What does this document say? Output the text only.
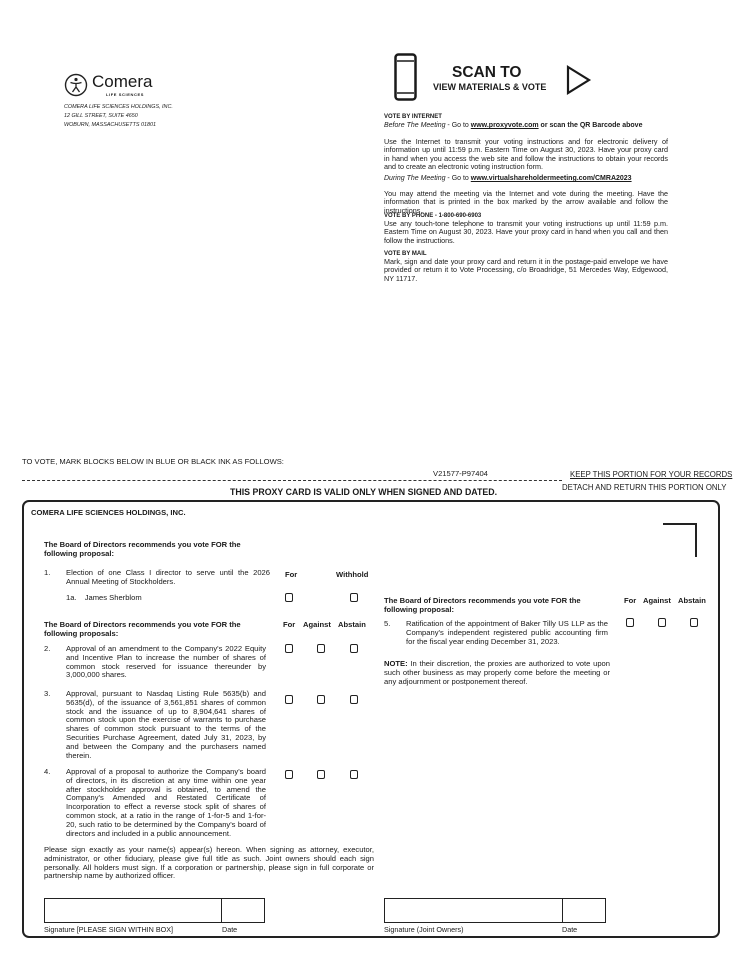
Comera
LIFE SCIENCES
COMERA LIFE SCIENCES HOLDINGS, INC.
12 GILL STREET, SUITE 4650
WOBURN, MASSACHUSETTS 01801
SCAN TO
VIEW MATERIALS & VOTE
VOTE BY INTERNET
Before The Meeting - Go to www.proxyvote.com or scan the QR Barcode above
Use the Internet to transmit your voting instructions and for electronic delivery of information up until 11:59 p.m. Eastern Time on August 30, 2023. Have your proxy card in hand when you access the web site and follow the instructions to obtain your records and to create an electronic voting instruction form.
During The Meeting - Go to www.virtualshareholdermeeting.com/CMRA2023
You may attend the meeting via the Internet and vote during the meeting. Have the information that is printed in the box marked by the arrow available and follow the instructions.
VOTE BY PHONE - 1-800-690-6903
Use any touch-tone telephone to transmit your voting instructions up until 11:59 p.m. Eastern Time on August 30, 2023. Have your proxy card in hand when you call and then follow the instructions.
VOTE BY MAIL
Mark, sign and date your proxy card and return it in the postage-paid envelope we have provided or return it to Vote Processing, c/o Broadridge, 51 Mercedes Way, Edgewood, NY 11717.
TO VOTE, MARK BLOCKS BELOW IN BLUE OR BLACK INK AS FOLLOWS:
V21577-P97404	KEEP THIS PORTION FOR YOUR RECORDS
DETACH AND RETURN THIS PORTION ONLY
THIS PROXY CARD IS VALID ONLY WHEN SIGNED AND DATED.
COMERA LIFE SCIENCES HOLDINGS, INC.
The Board of Directors recommends you vote FOR the following proposal:
For	Withhold
1. Election of one Class I director to serve until the 2026 Annual Meeting of Stockholders.
1a. James Sherblom
The Board of Directors recommends you vote FOR the following proposals:
For Against Abstain
2. Approval of an amendment to the Company's 2022 Equity and Incentive Plan to increase the number of shares of common stock reserved for issuance thereunder by 3,000,000 shares.
3. Approval, pursuant to Nasdaq Listing Rule 5635(b) and 5635(d), of the issuance of 3,561,851 shares of common stock and the issuance of up to 8,904,641 shares of common stock upon the exercise of warrants to purchase shares of common stock pursuant to the terms of the Securities Purchase Agreement, dated July 31, 2023, by and between the Company and the purchasers named therein.
4. Approval of a proposal to authorize the Company's board of directors, in its discretion at any time within one year after stockholder approval is obtained, to amend the Company's Amended and Restated Certificate of Incorporation to effect a reverse stock split of shares of common stock, at a ratio in the range of 1-for-5 and 1-for-20, such ratio to be determined by the Company's board of directors and included in a public announcement.
The Board of Directors recommends you vote FOR the following proposal:
For Against Abstain
5. Ratification of the appointment of Baker Tilly US LLP as the Company's independent registered public accounting firm for the fiscal year ending December 31, 2023.
NOTE: In their discretion, the proxies are authorized to vote upon such other business as may properly come before the meeting or any adjournment or postponement thereof.
Please sign exactly as your name(s) appear(s) hereon. When signing as attorney, executor, administrator, or other fiduciary, please give full title as such. Joint owners should each sign personally. All holders must sign. If a corporation or partnership, please sign in full corporate or partnership name by authorized officer.
Signature [PLEASE SIGN WITHIN BOX]	Date	Signature (Joint Owners)	Date
